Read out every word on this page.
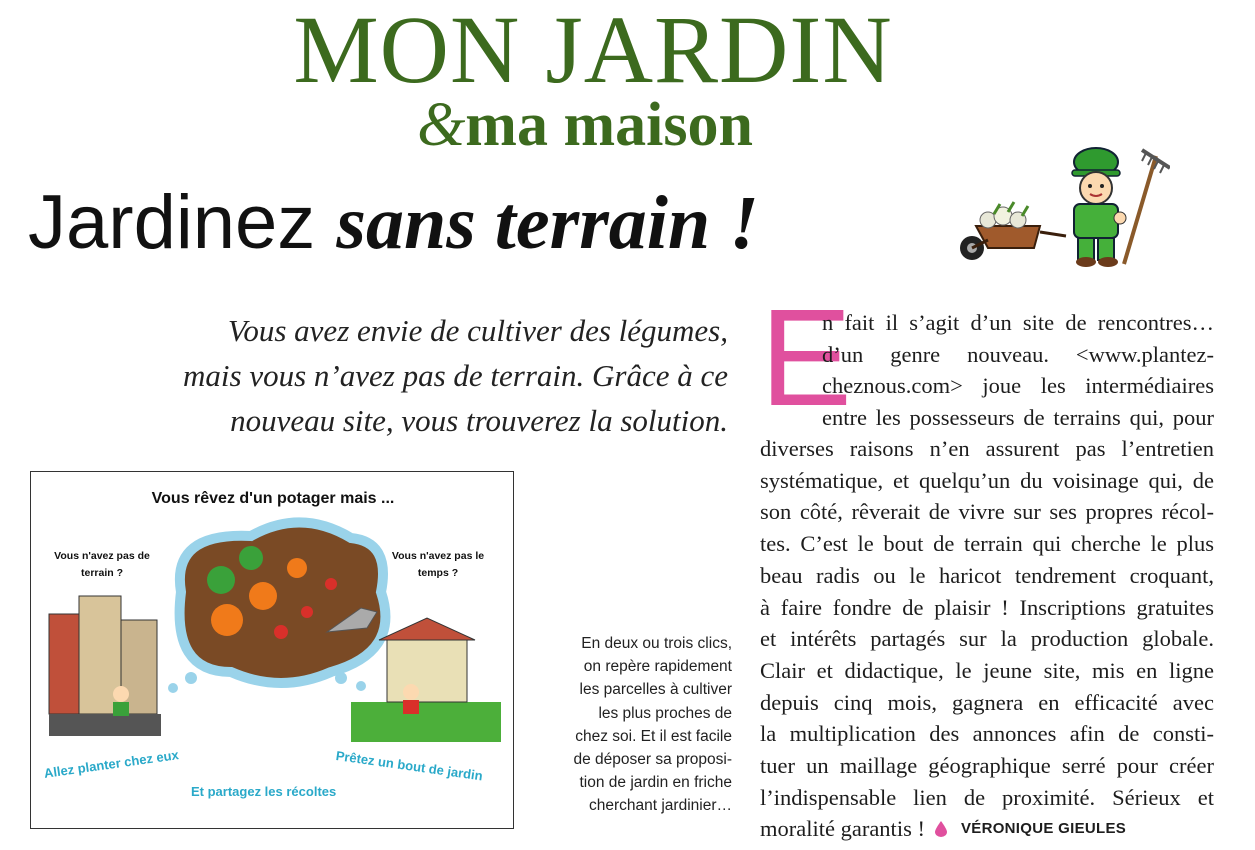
MON JARDIN
&ma maison
Jardinez sans terrain !
Vous avez envie de cultiver des légumes,
mais vous n’avez pas de terrain. Grâce à ce
nouveau site, vous trouverez la solution. E
n fait il s’agit d’un site de rencontres…
d’un genre nouveau. <www.plantez-
cheznous.com> joue les intermédiaires
entre les possesseurs de terrains qui, pour
diverses raisons n’en assurent pas l’entretien
systématique, et quelqu’un du voisinage qui, de
son côté, rêverait de vivre sur ses propres récol-
tes. C’est le bout de terrain qui cherche le plus
beau radis ou le haricot tendrement croquant,
à faire fondre de plaisir ! Inscriptions gratuites
et intérêts partagés sur la production globale.
Clair et didactique, le jeune site, mis en ligne
depuis cinq mois, gagnera en efficacité avec
la multiplication des annonces afin de consti-
tuer un maillage géographique serré pour créer
l’indispensable lien de proximité. Sérieux et
moralité garantis ! VÉRONIQUE GIEULES
En deux ou trois clics,
on repère rapidement
les parcelles à cultiver
les plus proches de
chez soi. Et il est facile
de déposer sa proposi-
tion de jardin en friche
cherchant jardinier…
Vous rêvez d'un potager mais ...
Vous n'avez pas de
terrain ?
Vous n'avez pas le
temps ?
Allez planter chez eux	Prêtez un bout de jardin
Et partagez les récoltes
